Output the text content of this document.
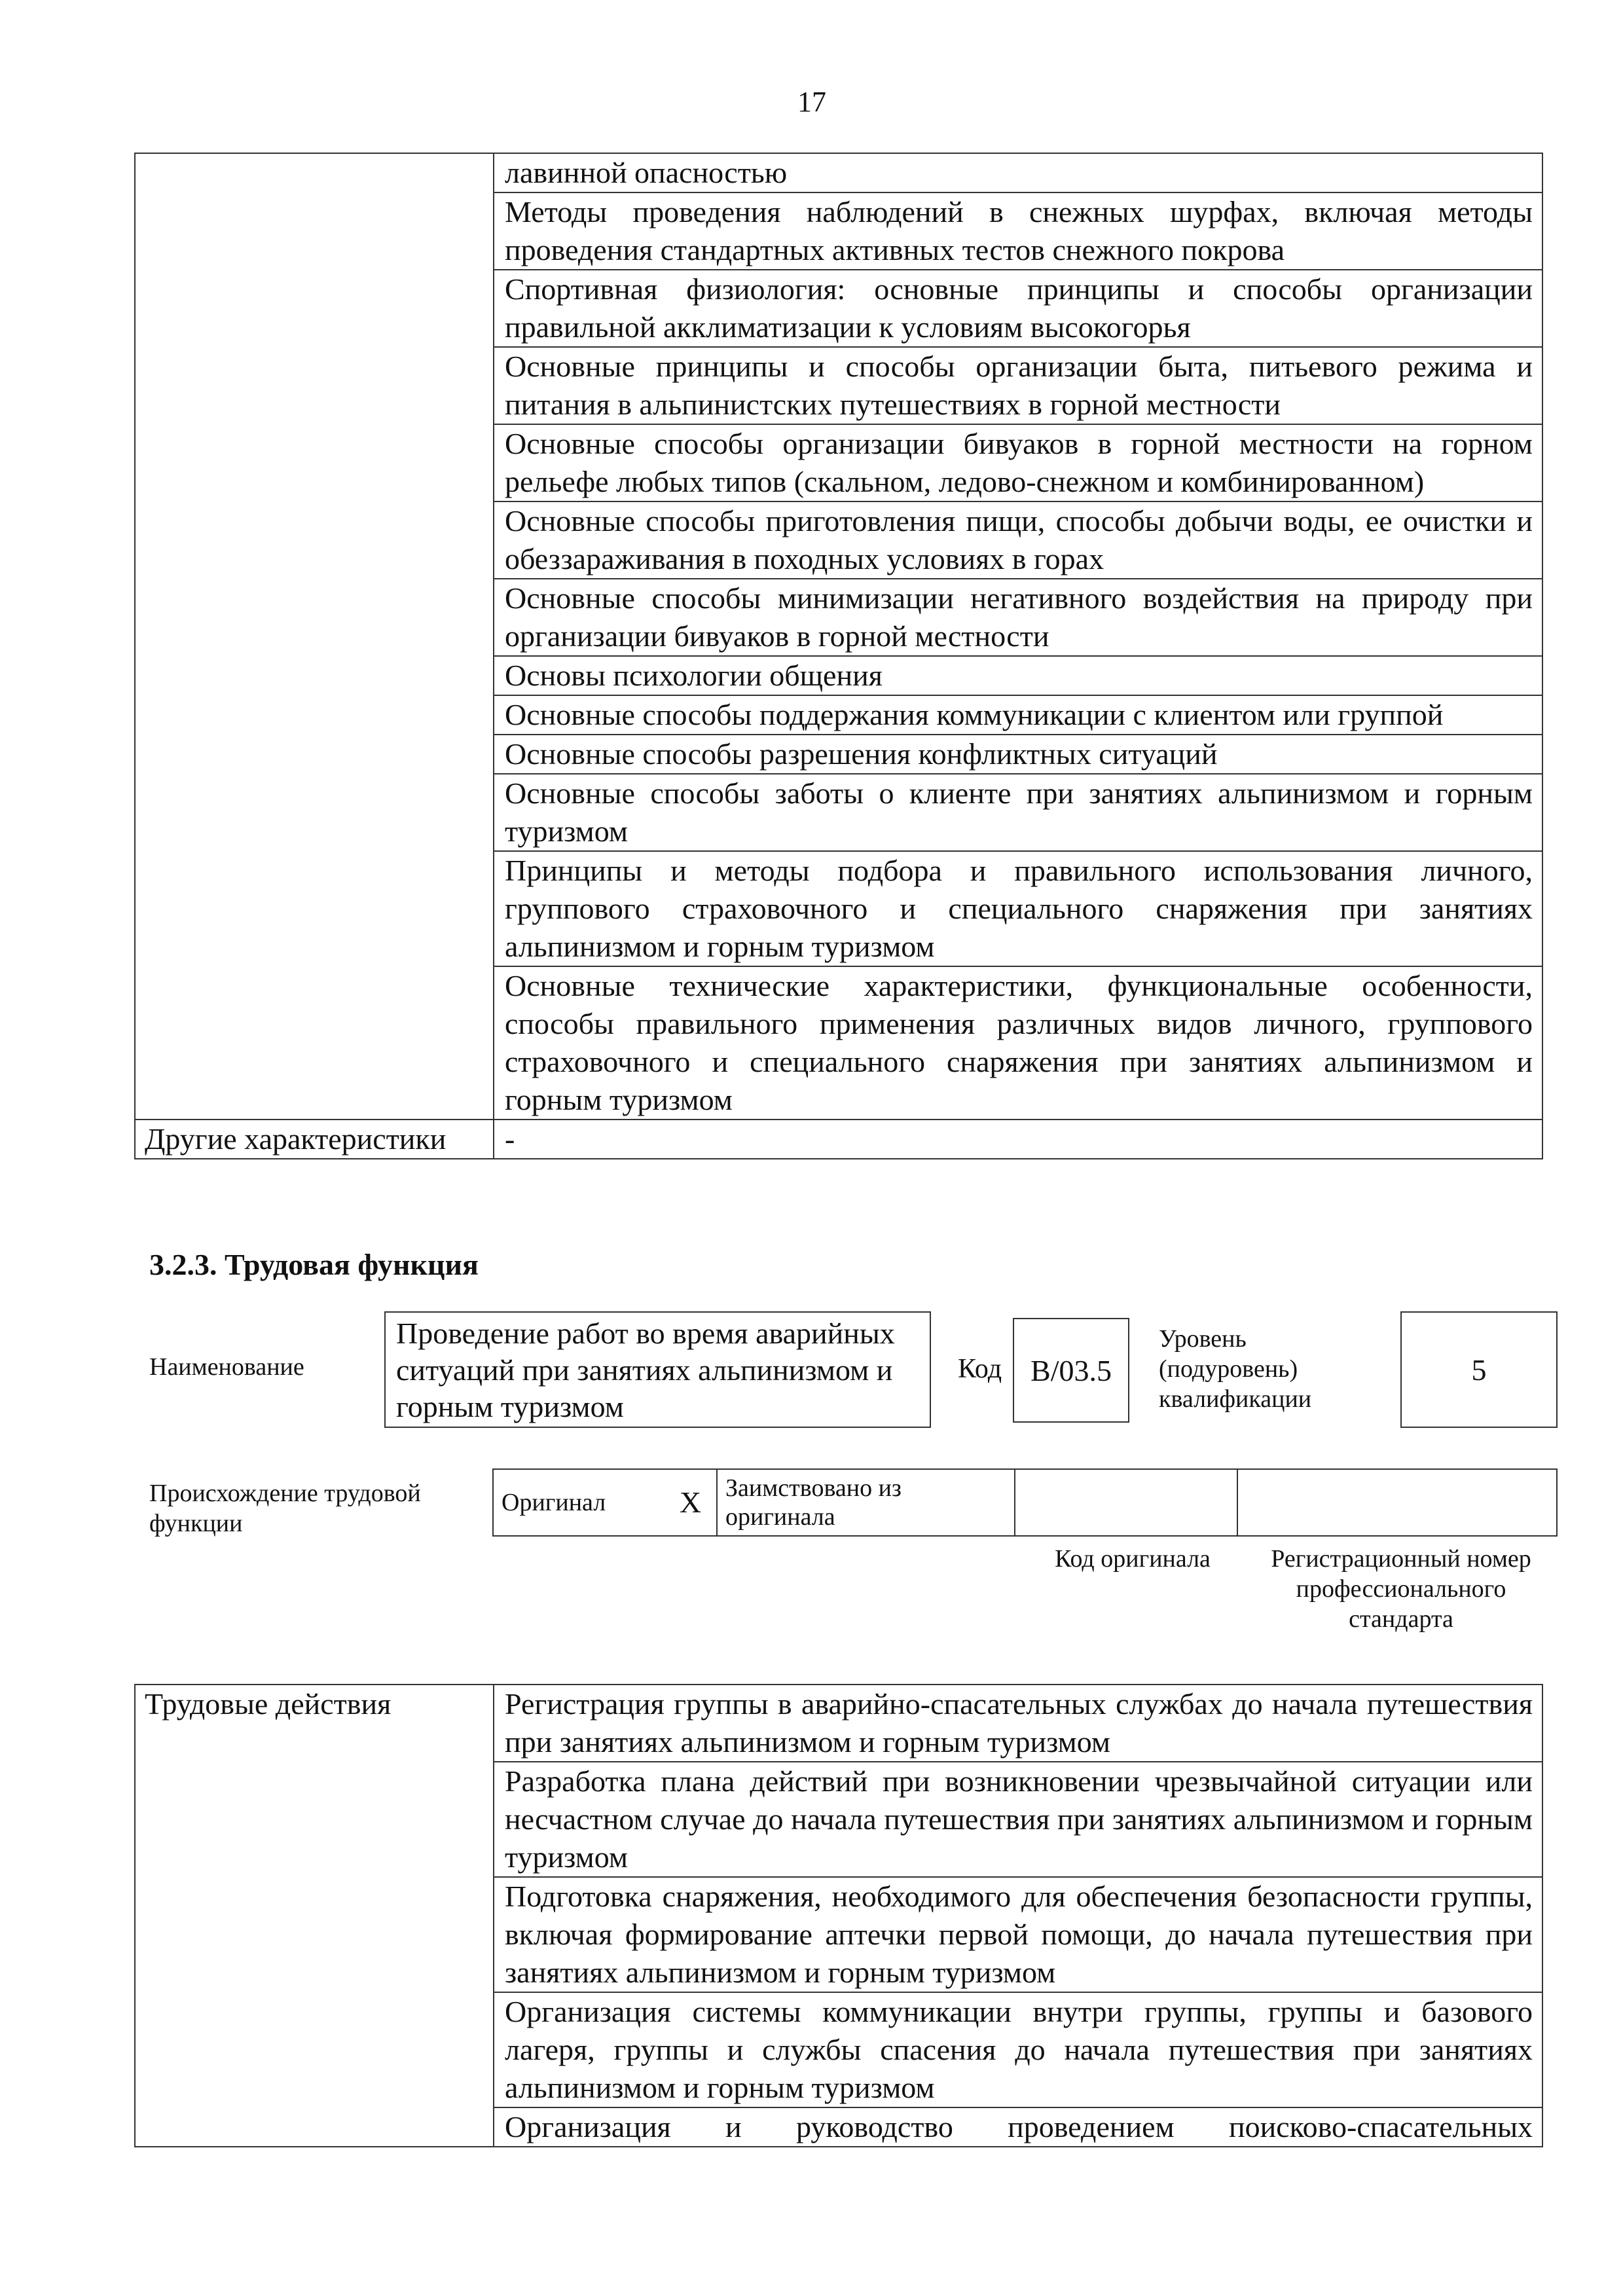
17
	лавинной опасностью
	Методы проведения наблюдений в снежных шурфах, включая методы проведения стандартных активных тестов снежного покрова
	Спортивная физиология: основные принципы и способы организации правильной акклиматизации к условиям высокогорья
	Основные принципы и способы организации быта, питьевого режима и питания в альпинистских путешествиях в горной местности
	Основные способы организации бивуаков в горной местности на горном рельефе любых типов (скальном, ледово-снежном и комбинированном)
	Основные способы приготовления пищи, способы добычи воды, ее очистки и обеззараживания в походных условиях в горах
	Основные способы минимизации негативного воздействия на природу при организации бивуаков в горной местности
	Основы психологии общения
	Основные способы поддержания коммуникации с клиентом или группой
	Основные способы разрешения конфликтных ситуаций
	Основные способы заботы о клиенте при занятиях альпинизмом и горным туризмом
	Принципы и методы подбора и правильного использования личного, группового страховочного и специального снаряжения при занятиях альпинизмом и горным туризмом
	Основные технические характеристики, функциональные особенности, способы правильного применения различных видов личного, группового страховочного и специального снаряжения при занятиях альпинизмом и горным туризмом
Другие характеристики	-
3.2.3. Трудовая функция
Наименование
Проведение работ во время аварийных ситуаций при занятиях альпинизмом и горным туризмом
Код B/03.5
Уровень (подуровень) квалификации
5
Происхождение трудовой функции
Оригинал	X	Заимствовано из оригинала		
Код оригинала	Регистрационный номер профессионального стандарта
Трудовые действия	Регистрация группы в аварийно-спасательных службах до начала путешествия при занятиях альпинизмом и горным туризмом
Разработка плана действий при возникновении чрезвычайной ситуации или несчастном случае до начала путешествия при занятиях альпинизмом и горным туризмом
Подготовка снаряжения, необходимого для обеспечения безопасности группы, включая формирование аптечки первой помощи, до начала путешествия при занятиях альпинизмом и горным туризмом
Организация системы коммуникации внутри группы, группы и базового лагеря, группы и службы спасения до начала путешествия при занятиях альпинизмом и горным туризмом
Организация и руководство проведением поисково-спасательных
